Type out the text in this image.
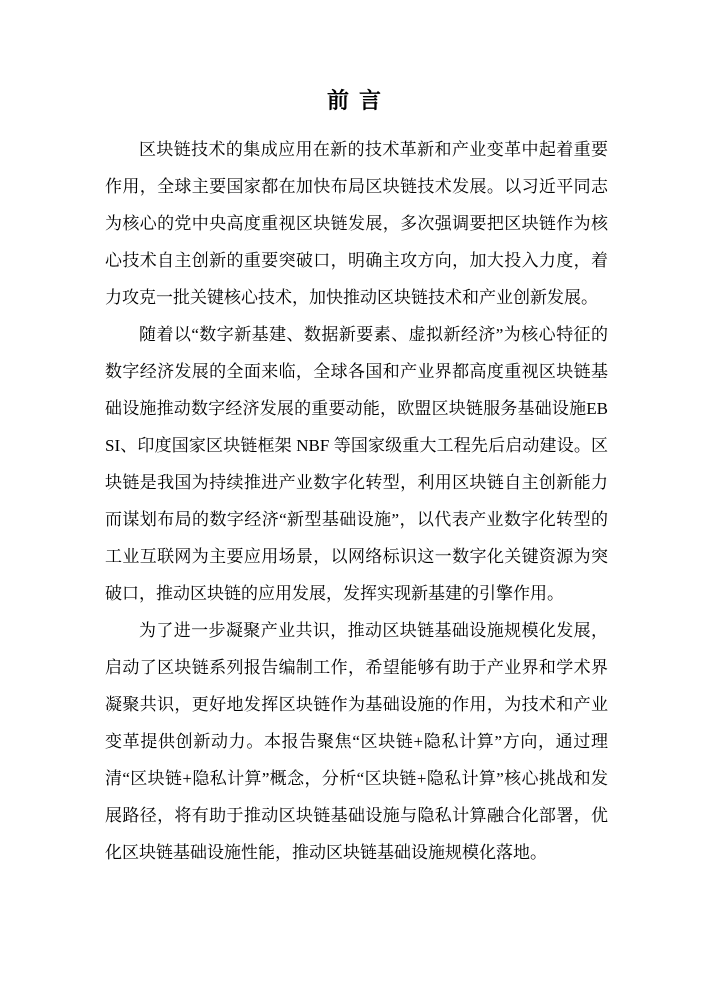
前 言

区块链技术的集成应用在新的技术革新和产业变革中起着重要作用，全球主要国家都在加快布局区块链技术发展。以习近平同志为核心的党中央高度重视区块链发展，多次强调要把区块链作为核心技术自主创新的重要突破口，明确主攻方向，加大投入力度，着力攻克一批关键核心技术，加快推动区块链技术和产业创新发展。

随着以“数字新基建、数据新要素、虚拟新经济”为核心特征的数字经济发展的全面来临，全球各国和产业界都高度重视区块链基础设施推动数字经济发展的重要动能，欧盟区块链服务基础设施EBSI、印度国家区块链框架 NBF 等国家级重大工程先后启动建设。区块链是我国为持续推进产业数字化转型，利用区块链自主创新能力而谋划布局的数字经济“新型基础设施”，以代表产业数字化转型的工业互联网为主要应用场景，以网络标识这一数字化关键资源为突破口，推动区块链的应用发展，发挥实现新基建的引擎作用。

为了进一步凝聚产业共识，推动区块链基础设施规模化发展，启动了区块链系列报告编制工作，希望能够有助于产业界和学术界凝聚共识，更好地发挥区块链作为基础设施的作用，为技术和产业变革提供创新动力。本报告聚焦“区块链+隐私计算”方向，通过理清“区块链+隐私计算”概念，分析“区块链+隐私计算”核心挑战和发展路径，将有助于推动区块链基础设施与隐私计算融合化部署，优化区块链基础设施性能，推动区块链基础设施规模化落地。
